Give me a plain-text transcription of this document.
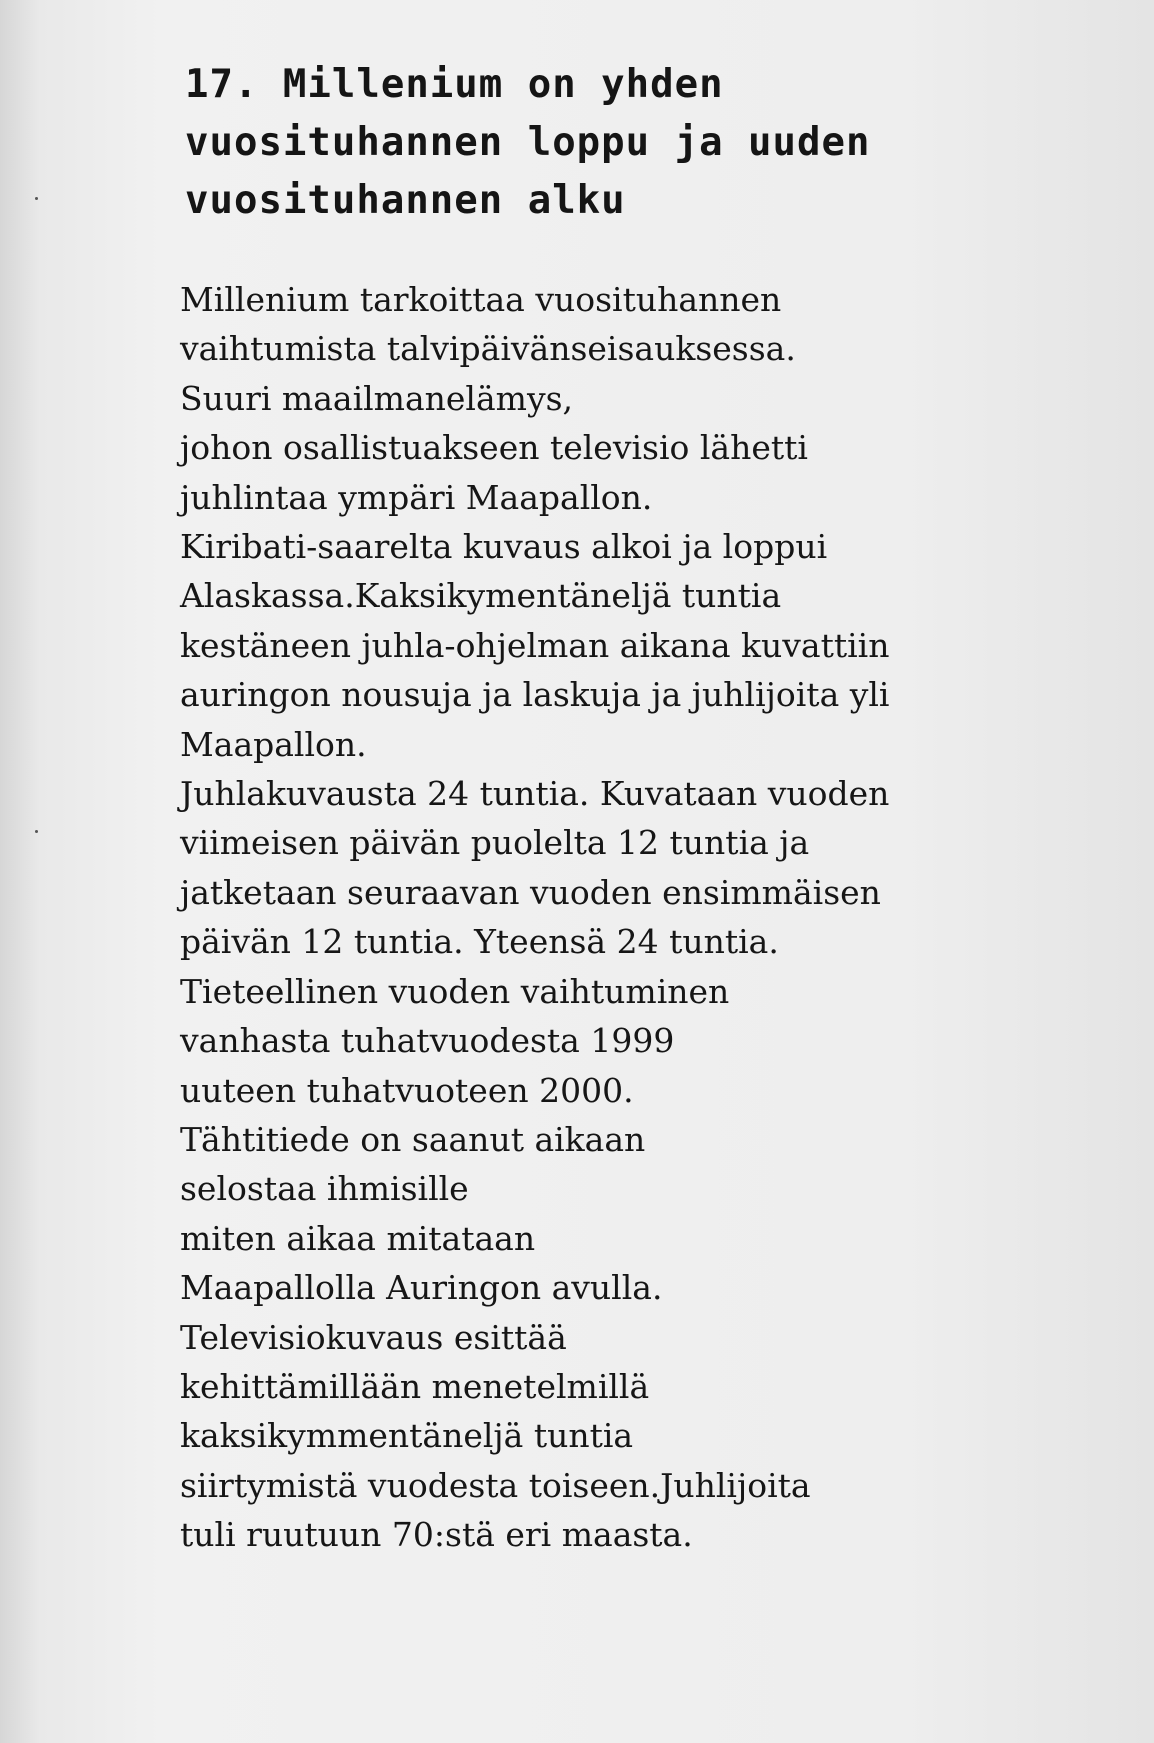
17. Millenium on yhden
vuosituhannen loppu ja uuden
vuosituhannen alku
Millenium tarkoittaa vuosituhannen
vaihtumista talvipäivänseisauksessa.
Suuri maailmanelämys,
johon osallistuakseen televisio lähetti
juhlintaa ympäri Maapallon.
Kiribati-saarelta kuvaus alkoi ja loppui
Alaskassa.Kaksikymentäneljä tuntia
kestäneen juhla-ohjelman aikana kuvattiin
auringon nousuja ja laskuja ja juhlijoita yli
Maapallon.
Juhlakuvausta 24 tuntia. Kuvataan vuoden
viimeisen päivän puolelta 12 tuntia ja
jatketaan seuraavan vuoden ensimmäisen
päivän 12 tuntia. Yteensä 24 tuntia.
Tieteellinen vuoden vaihtuminen
vanhasta tuhatvuodesta 1999
uuteen tuhatvuoteen 2000.
Tähtitiede on saanut aikaan
selostaa ihmisille
miten aikaa mitataan
Maapallolla Auringon avulla.
Televisiokuvaus esittää
kehittämillään menetelmillä
kaksikymmentäneljä tuntia
siirtymistä vuodesta toiseen.Juhlijoita
tuli ruutuun 70:stä eri maasta.
